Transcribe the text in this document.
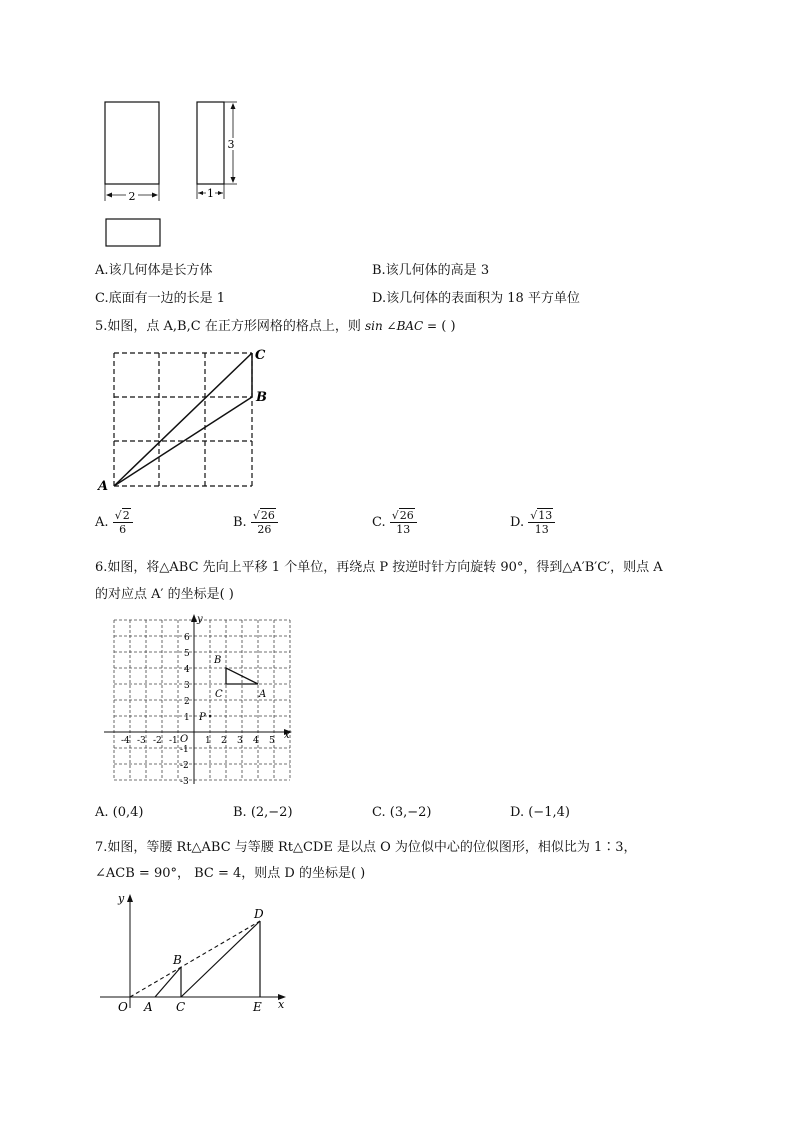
2
3
1
A.该几何体是长方体	B.该几何体的高是 3
C.底面有一边的长是 1	D.该几何体的表面积为 18 平方单位
5.如图，点 A,B,C 在正方形网格的格点上，则 sin ∠BAC = ( )
A
B
C
A. $\frac{√2}{6}$	B. $\frac{√26}{26}$	C. $\frac{√26}{13}$	D. $\frac{√13}{13}$
6.如图，将△ABC 先向上平移 1 个单位，再绕点 P 按逆时针方向旋转 90°，得到△A′B′C′，则点 A
的对应点 A′ 的坐标是( )
x
y
O
-4 -3 -2 -1	1 2 3 4 5
6
5
4
3
2
1
-1
-2
-3
B
C	A
P
A. (0,4)	B. (2,−2)	C. (3,−2)	D. (−1,4)
7.如图，等腰 Rt△ABC 与等腰 Rt△CDE 是以点 O 为位似中心的位似图形，相似比为 1∶3，
∠ACB = 90°， BC = 4，则点 D 的坐标是( )
x
y
O A C	E
B
D
